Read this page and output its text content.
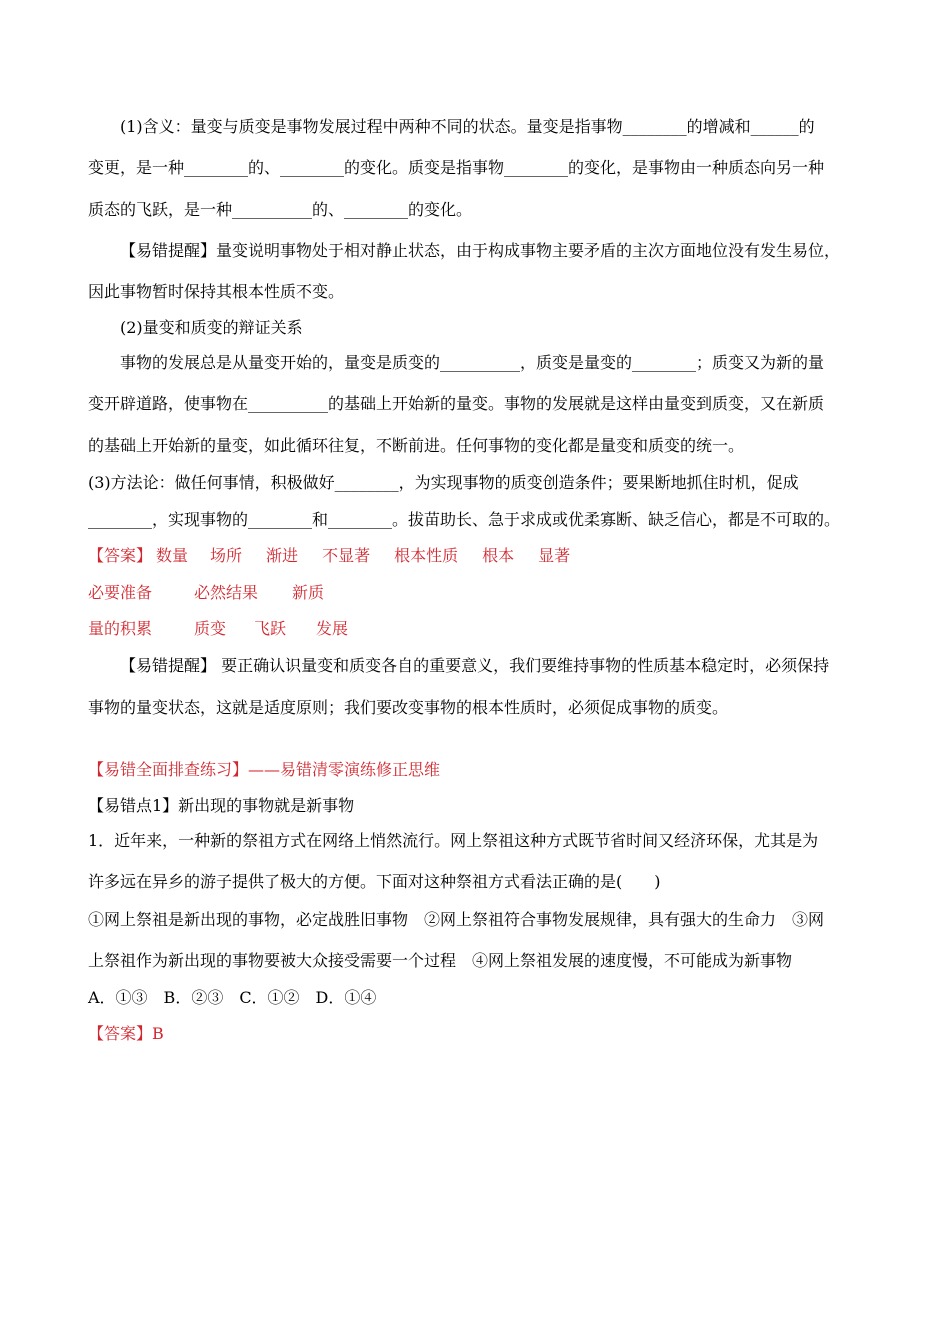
(1)含义：量变与质变是事物发展过程中两种不同的状态。量变是指事物________的增减和______的
变更，是一种________的、________的变化。质变是指事物________的变化，是事物由一种质态向另一种
质态的飞跃，是一种__________的、________的变化。
【易错提醒】量变说明事物处于相对静止状态，由于构成事物主要矛盾的主次方面地位没有发生易位，
因此事物暂时保持其根本性质不变。
(2)量变和质变的辩证关系
事物的发展总是从量变开始的，量变是质变的__________，质变是量变的________；质变又为新的量
变开辟道路，使事物在__________的基础上开始新的量变。事物的发展就是这样由量变到质变，又在新质
的基础上开始新的量变，如此循环往复，不断前进。任何事物的变化都是量变和质变的统一。
(3)方法论：做任何事情，积极做好________，为实现事物的质变创造条件；要果断地抓住时机，促成
________，实现事物的________和________。拔苗助长、急于求成或优柔寡断、缺乏信心，都是不可取的。
【答案】 数量 场所 渐进 不显著 根本性质 根本 显著
必要准备	必然结果 新质
量的积累	质变 飞跃 发展
【易错提醒】 要正确认识量变和质变各自的重要意义，我们要维持事物的性质基本稳定时，必须保持
事物的量变状态，这就是适度原则；我们要改变事物的根本性质时，必须促成事物的质变。
【易错全面排查练习】——易错清零演练修正思维
【易错点1】新出现的事物就是新事物
1．近年来，一种新的祭祖方式在网络上悄然流行。网上祭祖这种方式既节省时间又经济环保，尤其是为
许多远在异乡的游子提供了极大的方便。下面对这种祭祖方式看法正确的是(　　)
①网上祭祖是新出现的事物，必定战胜旧事物　②网上祭祖符合事物发展规律，具有强大的生命力　③网
上祭祖作为新出现的事物要被大众接受需要一个过程　④网上祭祖发展的速度慢，不可能成为新事物
A．①③　B．②③　C．①②　D．①④
【答案】B
